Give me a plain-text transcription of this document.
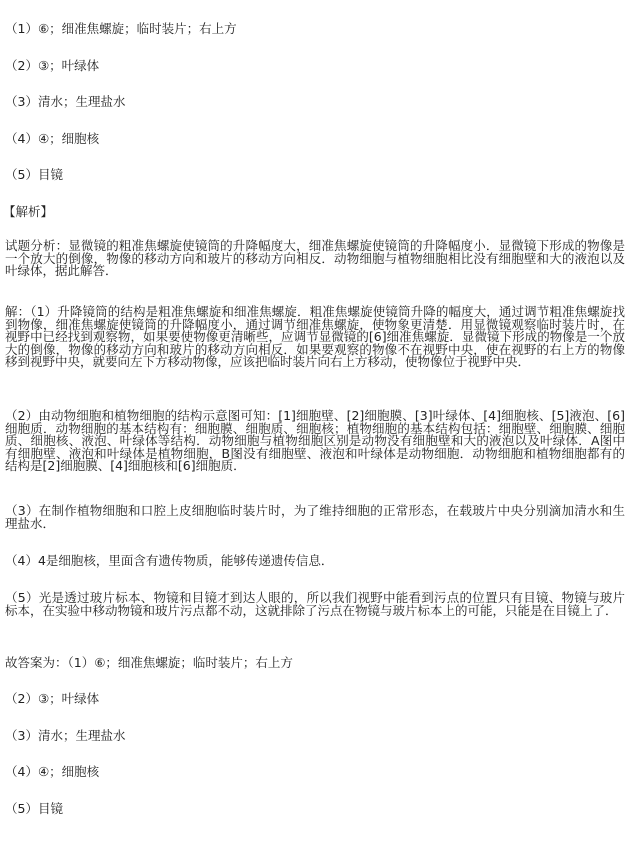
（1）⑥；细准焦螺旋；临时装片；右上方
（2）③；叶绿体
（3）清水；生理盐水
（4）④；细胞核
（5）目镜
【解析】
试题分析：显微镜的粗准焦螺旋使镜筒的升降幅度大，细准焦螺旋使镜筒的升降幅度小．显微镜下形成的物像是一个放大的倒像，物像的移动方向和玻片的移动方向相反．动物细胞与植物细胞相比没有细胞壁和大的液泡以及叶绿体，据此解答．
解：（1）升降镜筒的结构是粗准焦螺旋和细准焦螺旋．粗准焦螺旋使镜筒升降的幅度大，通过调节粗准焦螺旋找到物像，细准焦螺旋使镜筒的升降幅度小，通过调节细准焦螺旋，使物象更清楚．用显微镜观察临时装片时，在视野中已经找到观察物，如果要使物像更清晰些，应调节显微镜的[6]细准焦螺旋．显微镜下形成的物像是一个放大的倒像，物像的移动方向和玻片的移动方向相反．如果要观察的物像不在视野中央，使在视野的右上方的物像移到视野中央，就要向左下方移动物像，应该把临时装片向右上方移动，使物像位于视野中央．
（2）由动物细胞和植物细胞的结构示意图可知：[1]细胞壁、[2]细胞膜、[3]叶绿体、[4]细胞核、[5]液泡、[6]细胞质．动物细胞的基本结构有：细胞膜、细胞质、细胞核；植物细胞的基本结构包括：细胞壁、细胞膜、细胞质、细胞核、液泡、叶绿体等结构．动物细胞与植物细胞区别是动物没有细胞壁和大的液泡以及叶绿体．A图中有细胞壁、液泡和叶绿体是植物细胞，B图没有细胞壁、液泡和叶绿体是动物细胞．动物细胞和植物细胞都有的结构是[2]细胞膜、[4]细胞核和[6]细胞质．
（3）在制作植物细胞和口腔上皮细胞临时装片时，为了维持细胞的正常形态，在载玻片中央分别滴加清水和生理盐水．
（4）4是细胞核，里面含有遗传物质，能够传递遗传信息．
（5）光是透过玻片标本、物镜和目镜才到达人眼的，所以我们视野中能看到污点的位置只有目镜、物镜与玻片标本，在实验中移动物镜和玻片污点都不动，这就排除了污点在物镜与玻片标本上的可能，只能是在目镜上了．
故答案为：（1）⑥；细准焦螺旋；临时装片；右上方
（2）③；叶绿体
（3）清水；生理盐水
（4）④；细胞核
（5）目镜
